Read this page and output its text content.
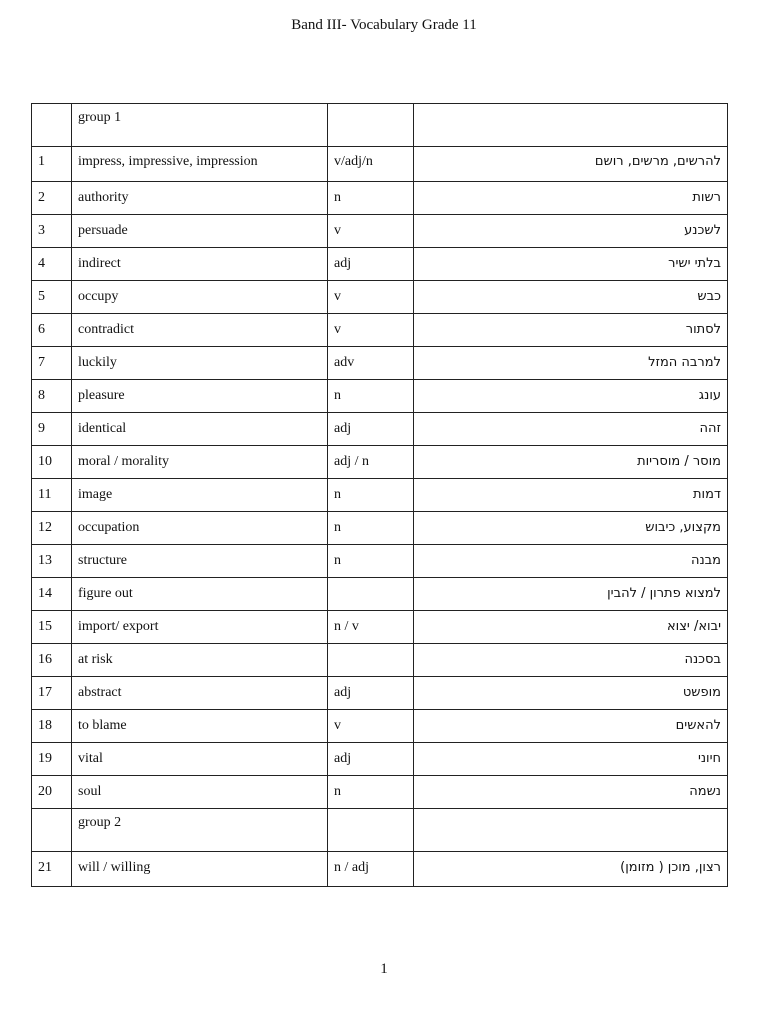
Band III- Vocabulary Grade 11
	group 1		
1	impress, impressive, impression	v/adj/n	להרשים, מרשים, רושם
2	authority	n	רשות
3	persuade	v	לשכנע
4	indirect	adj	בלתי ישיר
5	occupy	v	כבש
6	contradict	v	לסתור
7	luckily	adv	למרבה המזל
8	pleasure	n	עונג
9	identical	adj	זהה
10	moral / morality	adj / n	מוסר / מוסריות
11	image	n	דמות
12	occupation	n	מקצוע, כיבוש
13	structure	n	מבנה
14	figure out		למצוא פתרון / להבין
15	import/ export	n / v	יבוא/ יצוא
16	at risk		בסכנה
17	abstract	adj	מופשט
18	to blame	v	להאשים
19	vital	adj	חיוני
20	soul	n	נשמה
	group 2		
21	will / willing	n / adj	רצון, מוכן ( מזומן)
1
